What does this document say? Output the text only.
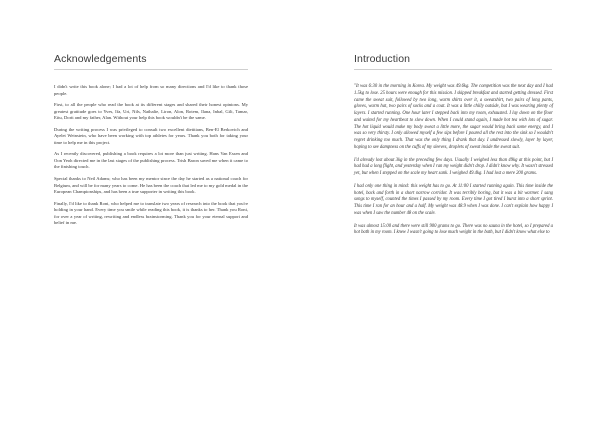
Acknowledgements

I didn't write this book alone; I had a lot of help from so many directions and I'd like to thank those people.

First, to all the people who read the book at its different stages and shared their honest opinions. My greatest gratitude goes to Yves, Ifa, Uri, Nils, Nathalie, Liron, Alon, Rotem, Ilana, Inbal, Gili, Tamar, Eitu, Dorit and my father, Alan. Without your help this book wouldn't be the same.

During the writing process I was privileged to consult two excellent dietitians, Ben-El Berkovich and Ayelet Weinstein, who have been working with top athletes for years. Thank you both for taking your time to help me in this project.

As I recently discovered, publishing a book requires a lot more than just writing. Hans Van Essen and Oon Yeoh directed me in the last stages of the publishing process. Trish Baron saved me when it came to the finishing touch.

Special thanks to Neil Adams; who has been my mentor since the day he started as a national coach for Belgium, and will be for many years to come. He has been the coach that led me to my gold medal in the European Championships, and has been a true supporter in writing this book.

Finally, I'd like to thank Roni, who helped me to translate two years of research into the book that you're holding in your hand. Every time you smile while reading this book, it is thanks to her. Thank you Roni, for over a year of writing, rewriting and endless brainstorming. Thank you for your eternal support and belief in me.

Introduction

"It was 6:30 in the morning in Korea. My weight was 49.6kg. The competition was the next day and I had 1.5kg to lose. 25 hours were enough for this mission. I skipped breakfast and started getting dressed. First came the sweat suit, followed by two long, warm shirts over it, a sweatshirt, two pairs of long pants, gloves, warm hat, two pairs of socks and a coat. It was a little chilly outside, but I was wearing plenty of layers. I started running. One hour later I stepped back into my room, exhausted. I lay down on the floor and waited for my heartbeat to slow down. When I could stand again, I made hot tea with lots of sugar. The hot liquid would make my body sweat a little more, the sugar would bring back some energy, and I was so very thirsty. I only allowed myself a few sips before I poured all the rest into the sink so I wouldn't regret drinking too much. That was the only thing I drank that day. I undressed slowly, layer by layer, hoping to see dampness on the cuffs of my sleeves, droplets of sweat inside the sweat suit.

I'd already lost about 3kg in the preceding few days. Usually I weighed less than 49kg at this point, but I had had a long flight, and yesterday when I ran my weight didn't drop. I didn't know why. It wasn't stressed yet, but when I stepped on the scale my heart sank. I weighed 49.4kg. I had lost a mere 200 grams.

I had only one thing in mind: this weight has to go. At 11:00 I started running again. This time inside the hotel, back and forth in a short narrow corridor. It was terribly boring, but it was a bit warmer. I sang songs to myself, counted the times I passed by my room. Every time I got tired I burst into a short sprint. This time I ran for an hour and a half. My weight was 48.9 when I was done. I can't explain how happy I was when I saw the number 48 on the scale.

It was almost 15:00 and there were still 900 grams to go. There was no sauna in the hotel, so I prepared a hot bath in my room. I knew I wasn't going to lose much weight in the bath, but I didn't know what else to
